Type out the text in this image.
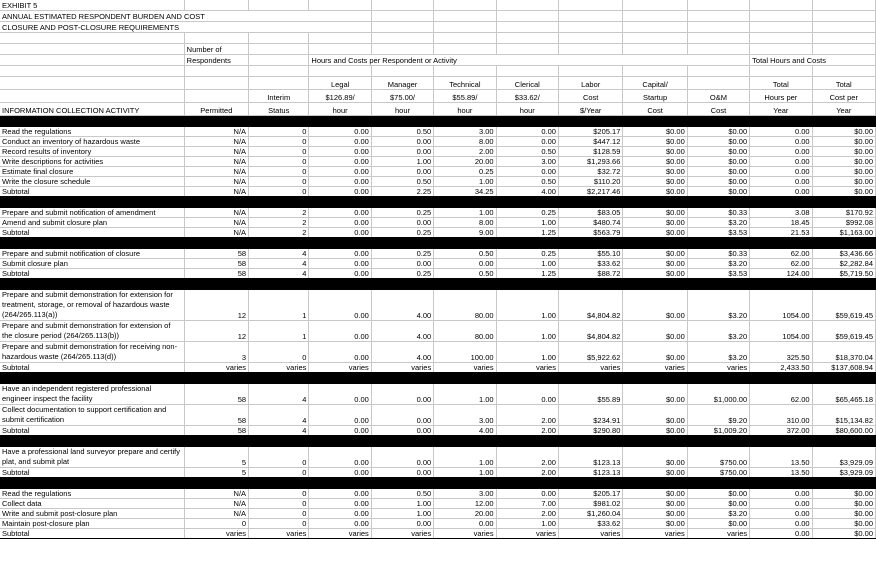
EXHIBIT 5											
ANNUAL ESTIMATED RESPONDENT BURDEN AND COST											
CLOSURE AND POST-CLOSURE REQUIREMENTS											

	Number of										
	Respondents		Hours and Costs per Respondent or Activity							Total Hours and Costs	

			Legal	Manager	Technical	Clerical	Labor	Capital/		Total	Total
		Interim	$126.89/	$75.00/	$55.89/	$33.62/	Cost	Startup	O&M	Hours per	Cost per
INFORMATION COLLECTION ACTIVITY	Permitted	Status	hour	hour	hour	hour	$/Year	Cost	Cost	Year	Year

Read the regulations	N/A	0	0.00	0.50	3.00	0.00	$205.17	$0.00	$0.00	0.00	$0.00
Conduct an inventory of hazardous waste	N/A	0	0.00	0.00	8.00	0.00	$447.12	$0.00	$0.00	0.00	$0.00
Record results of inventory	N/A	0	0.00	0.00	2.00	0.50	$128.59	$0.00	$0.00	0.00	$0.00
Write descriptions for activities	N/A	0	0.00	1.00	20.00	3.00	$1,293.66	$0.00	$0.00	0.00	$0.00
Estimate final closure	N/A	0	0.00	0.00	0.25	0.00	$32.72	$0.00	$0.00	0.00	$0.00
Write the closure schedule	N/A	0	0.00	0.50	1.00	0.50	$110.20	$0.00	$0.00	0.00	$0.00
Subtotal	N/A	0	0.00	2.25	34.25	4.00	$2,217.46	$0.00	$0.00	0.00	$0.00

Prepare and submit notification of amendment	N/A	2	0.00	0.25	1.00	0.25	$83.05	$0.00	$0.33	3.08	$170.92
Amend and submit closure plan	N/A	2	0.00	0.00	8.00	1.00	$480.74	$0.00	$3.20	18.45	$992.08
Subtotal	N/A	2	0.00	0.25	9.00	1.25	$563.79	$0.00	$3.53	21.53	$1,163.00

Prepare and submit notification of closure	58	4	0.00	0.25	0.50	0.25	$55.10	$0.00	$0.33	62.00	$3,436.66
Submit closure plan	58	4	0.00	0.00	0.00	1.00	$33.62	$0.00	$3.20	62.00	$2,282.84
Subtotal	58	4	0.00	0.25	0.50	1.25	$88.72	$0.00	$3.53	124.00	$5,719.50

Prepare and submit demonstration for extension for treatment, storage, or removal of hazardous waste (264/265.113(a))	12	1	0.00	4.00	80.00	1.00	$4,804.82	$0.00	$3.20	1054.00	$59,619.45
Prepare and submit demonstration for extension of the closure period (264/265.113(b))	12	1	0.00	4.00	80.00	1.00	$4,804.82	$0.00	$3.20	1054.00	$59,619.45
Prepare and submit demonstration for receiving non-hazardous waste (264/265.113(d))	3	0	0.00	4.00	100.00	1.00	$5,922.62	$0.00	$3.20	325.50	$18,370.04
Subtotal	varies	varies	varies	varies	varies	varies	varies	varies	varies	2,433.50	$137,608.94

Have an independent registered professional engineer inspect the facility	58	4	0.00	0.00	1.00	0.00	$55.89	$0.00	$1,000.00	62.00	$65,465.18
Collect documentation to support certification and submit certification	58	4	0.00	0.00	3.00	2.00	$234.91	$0.00	$9.20	310.00	$15,134.82
Subtotal	58	4	0.00	0.00	4.00	2.00	$290.80	$0.00	$1,009.20	372.00	$80,600.00

Have a professional land surveyor prepare and certify plat, and submit plat	5	0	0.00	0.00	1.00	2.00	$123.13	$0.00	$750.00	13.50	$3,929.09
Subtotal	5	0	0.00	0.00	1.00	2.00	$123.13	$0.00	$750.00	13.50	$3,929.09

Read the regulations	N/A	0	0.00	0.50	3.00	0.00	$205.17	$0.00	$0.00	0.00	$0.00
Collect data	N/A	0	0.00	1.00	12.00	7.00	$981.02	$0.00	$0.00	0.00	$0.00
Write and submit post-closure plan	N/A	0	0.00	1.00	20.00	2.00	$1,260.04	$0.00	$3.20	0.00	$0.00
Maintain post-closure plan	0	0	0.00	0.00	0.00	1.00	$33.62	$0.00	$0.00	0.00	$0.00
Subtotal	varies	varies	varies	varies	varies	varies	varies	varies	varies	0.00	$0.00
